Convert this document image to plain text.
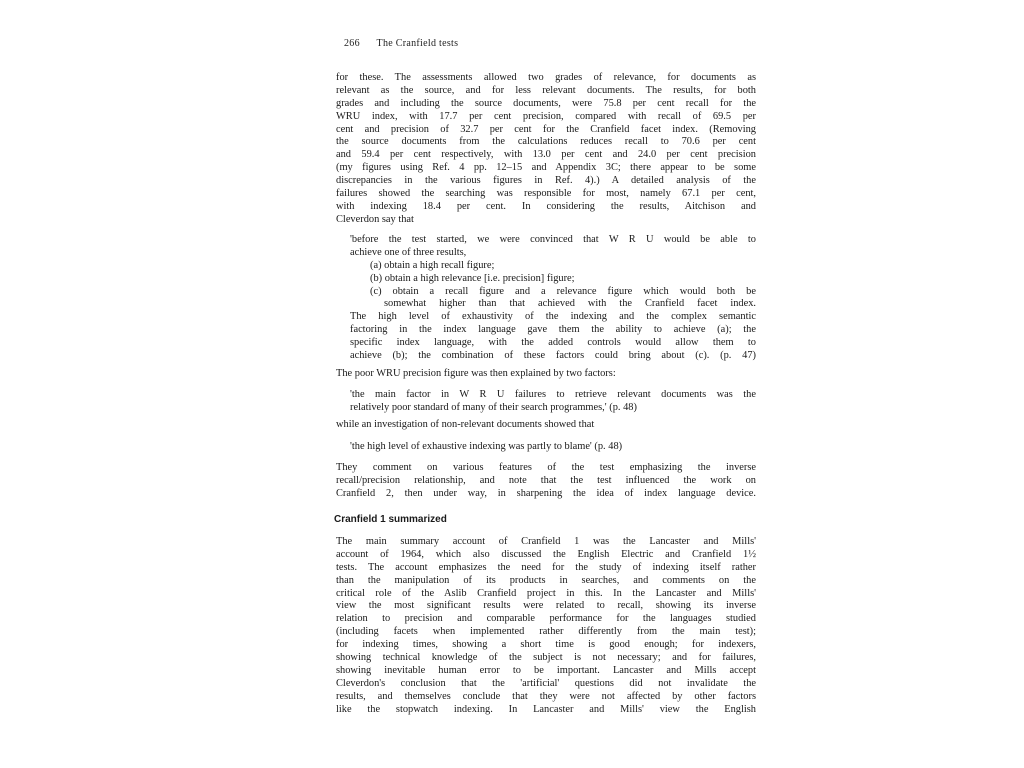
266 The Cranfield tests
for these. The assessments allowed two grades of relevance, for documents as
relevant as the source, and for less relevant documents. The results, for both
grades and including the source documents, were 75.8 per cent recall for the
WRU index, with 17.7 per cent precision, compared with recall of 69.5 per
cent and precision of 32.7 per cent for the Cranfield facet index. (Removing
the source documents from the calculations reduces recall to 70.6 per cent
and 59.4 per cent respectively, with 13.0 per cent and 24.0 per cent precision
(my figures using Ref. 4 pp. 12–15 and Appendix 3C; there appear to be some
discrepancies in the various figures in Ref. 4).) A detailed analysis of the
failures showed the searching was responsible for most, namely 67.1 per cent,
with indexing 18.4 per cent. In considering the results, Aitchison and
Cleverdon say that
'before the test started, we were convinced that W R U would be able to
achieve one of three results,
(a) obtain a high recall figure;
(b) obtain a high relevance [i.e. precision] figure;
(c) obtain a recall figure and a relevance figure which would both be
somewhat higher than that achieved with the Cranfield facet index.
The high level of exhaustivity of the indexing and the complex semantic
factoring in the index language gave them the ability to achieve (a); the
specific index language, with the added controls would allow them to
achieve (b); the combination of these factors could bring about (c). (p. 47)
The poor WRU precision figure was then explained by two factors:
'the main factor in W R U failures to retrieve relevant documents was the
relatively poor standard of many of their search programmes,' (p. 48)
while an investigation of non-relevant documents showed that
'the high level of exhaustive indexing was partly to blame' (p. 48)
They comment on various features of the test emphasizing the inverse
recall/precision relationship, and note that the test influenced the work on
Cranfield 2, then under way, in sharpening the idea of index language device.
Cranfield 1 summarized
The main summary account of Cranfield 1 was the Lancaster and Mills'
account of 1964, which also discussed the English Electric and Cranfield 1½
tests. The account emphasizes the need for the study of indexing itself rather
than the manipulation of its products in searches, and comments on the
critical role of the Aslib Cranfield project in this. In the Lancaster and Mills'
view the most significant results were related to recall, showing its inverse
relation to precision and comparable performance for the languages studied
(including facets when implemented rather differently from the main test);
for indexing times, showing a short time is good enough; for indexers,
showing technical knowledge of the subject is not necessary; and for failures,
showing inevitable human error to be important. Lancaster and Mills accept
Cleverdon's conclusion that the 'artificial' questions did not invalidate the
results, and themselves conclude that they were not affected by other factors
like the stopwatch indexing. In Lancaster and Mills' view the English
